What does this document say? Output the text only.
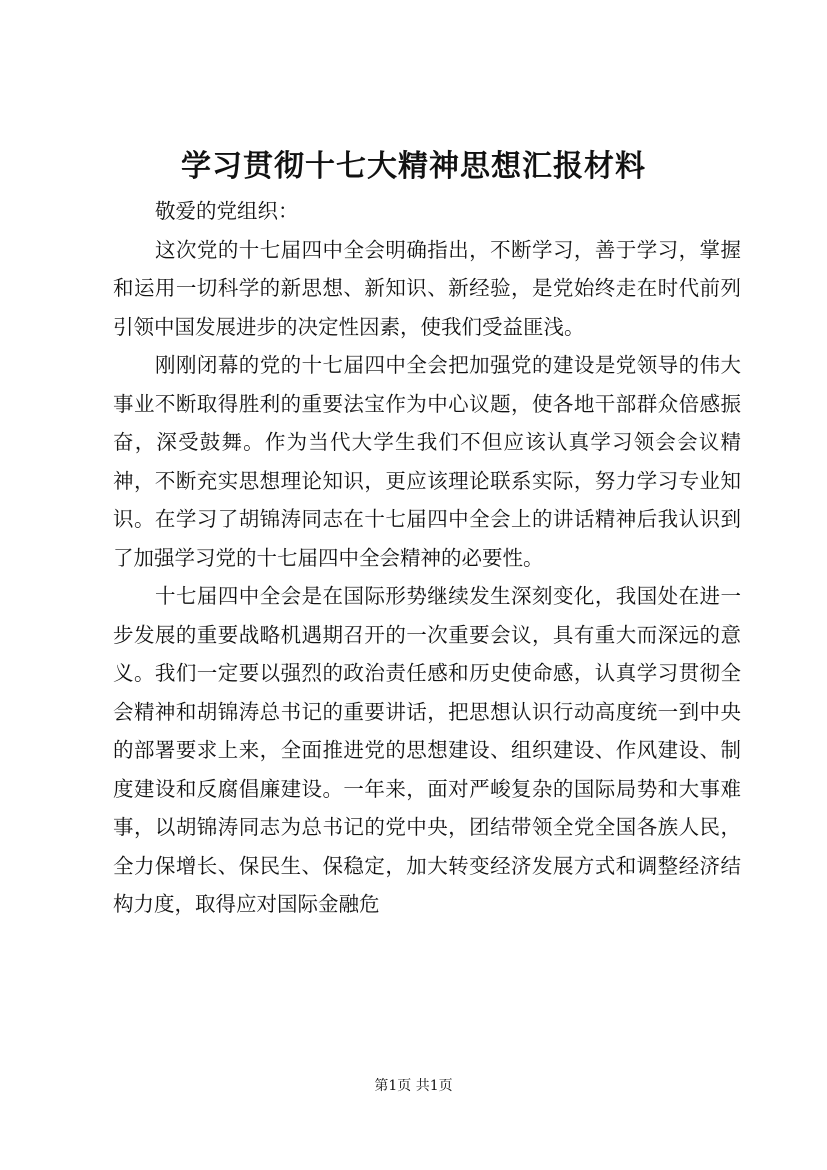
学习贯彻十七大精神思想汇报材料

敬爱的党组织：

这次党的十七届四中全会明确指出，不断学习，善于学习，掌握和运用一切科学的新思想、新知识、新经验，是党始终走在时代前列引领中国发展进步的决定性因素，使我们受益匪浅。

刚刚闭幕的党的十七届四中全会把加强党的建设是党领导的伟大事业不断取得胜利的重要法宝作为中心议题，使各地干部群众倍感振奋，深受鼓舞。作为当代大学生我们不但应该认真学习领会会议精神，不断充实思想理论知识，更应该理论联系实际，努力学习专业知识。在学习了胡锦涛同志在十七届四中全会上的讲话精神后我认识到了加强学习党的十七届四中全会精神的必要性。

十七届四中全会是在国际形势继续发生深刻变化，我国处在进一步发展的重要战略机遇期召开的一次重要会议，具有重大而深远的意义。我们一定要以强烈的政治责任感和历史使命感，认真学习贯彻全会精神和胡锦涛总书记的重要讲话，把思想认识行动高度统一到中央的部署要求上来，全面推进党的思想建设、组织建设、作风建设、制度建设和反腐倡廉建设。一年来，面对严峻复杂的国际局势和大事难事，以胡锦涛同志为总书记的党中央，团结带领全党全国各族人民，全力保增长、保民生、保稳定，加大转变经济发展方式和调整经济结构力度，取得应对国际金融危

第1页 共1页
